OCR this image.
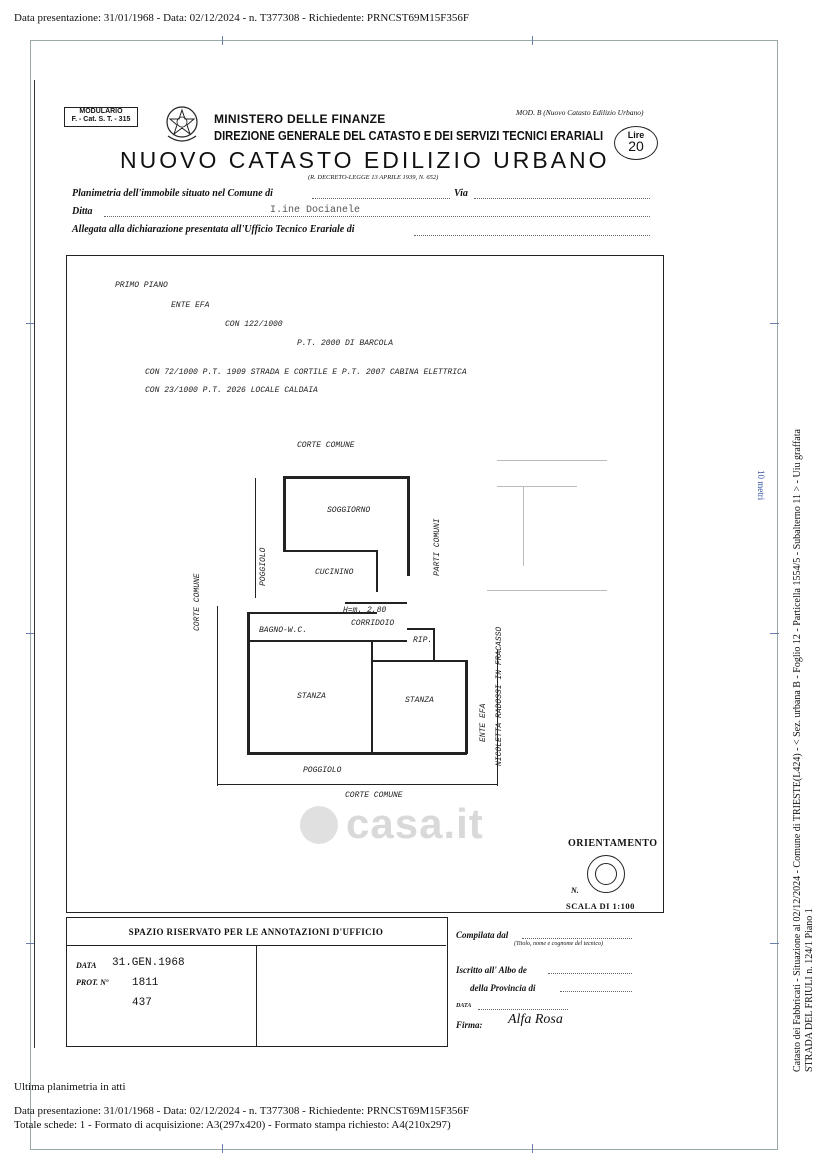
Data presentazione: 31/01/1968 - Data: 02/12/2024 - n. T377308 - Richiedente: PRNCST69M15F356F
MODULARIO
F. - Cat. S. T. - 315	MINISTERO DELLE FINANZE
DIREZIONE GENERALE DEL CATASTO E DEI SERVIZI TECNICI ERARIALI
NUOVO CATASTO EDILIZIO URBANO
(R. DECRETO-LEGGE 13 APRILE 1939, N. 652)
MOD. B (Nuovo Catasto Edilizio Urbano)
Lire
20
Planimetria dell'immobile situato nel Comune di	Via
Ditta	I.ine Docianele
Allegata alla dichiarazione presentata all'Ufficio Tecnico Erariale di
PRIMO PIANO
ENTE EFA
CON 122/1000
P.T. 2000 DI BARCOLA
CON 72/1000 P.T. 1909 STRADA E CORTILE E P.T. 2007 CABINA ELETTRICA
CON 23/1000 P.T. 2026 LOCALE CALDAIA
CORTE COMUNE
CORTE COMUNE
CORTE COMUNE
SOGGIORNO
CUCININO
POGGIOLO	PARTI COMUNI
H=m. 2,80
CORRIDOIO
RIP.
BAGNO-W.C.
STANZA	STANZA
POGGIOLO
ENTE EFA NICOLETTA RADOSSI IN FRACASSO
casa.it	ORIENTAMENTO
N.
SCALA DI 1:100
SPAZIO RISERVATO PER LE ANNOTAZIONI D'UFFICIO
DATA 31.GEN.1968
PROT. Nº 1811
437
Compilata dal
(Titolo, nome e cognome del tecnico)
Iscritto all' Albo de
della Provincia di
DATA
Firma: Alfa Rosa
Ultima planimetria in atti
Data presentazione: 31/01/1968 - Data: 02/12/2024 - n. T377308 - Richiedente: PRNCST69M15F356F
Totale schede: 1 - Formato di acquisizione: A3(297x420) - Formato stampa richiesto: A4(210x297)
Catasto dei Fabbricati - Situazione al 02/12/2024 - Comune di TRIESTE(L424) - < Sez. urbana B - Foglio 12 - Particella 1554/5 - Subalterno 11 > - Uiu graffata STRADA DEL FRIULI n. 124/1 Piano 1
10 metri
